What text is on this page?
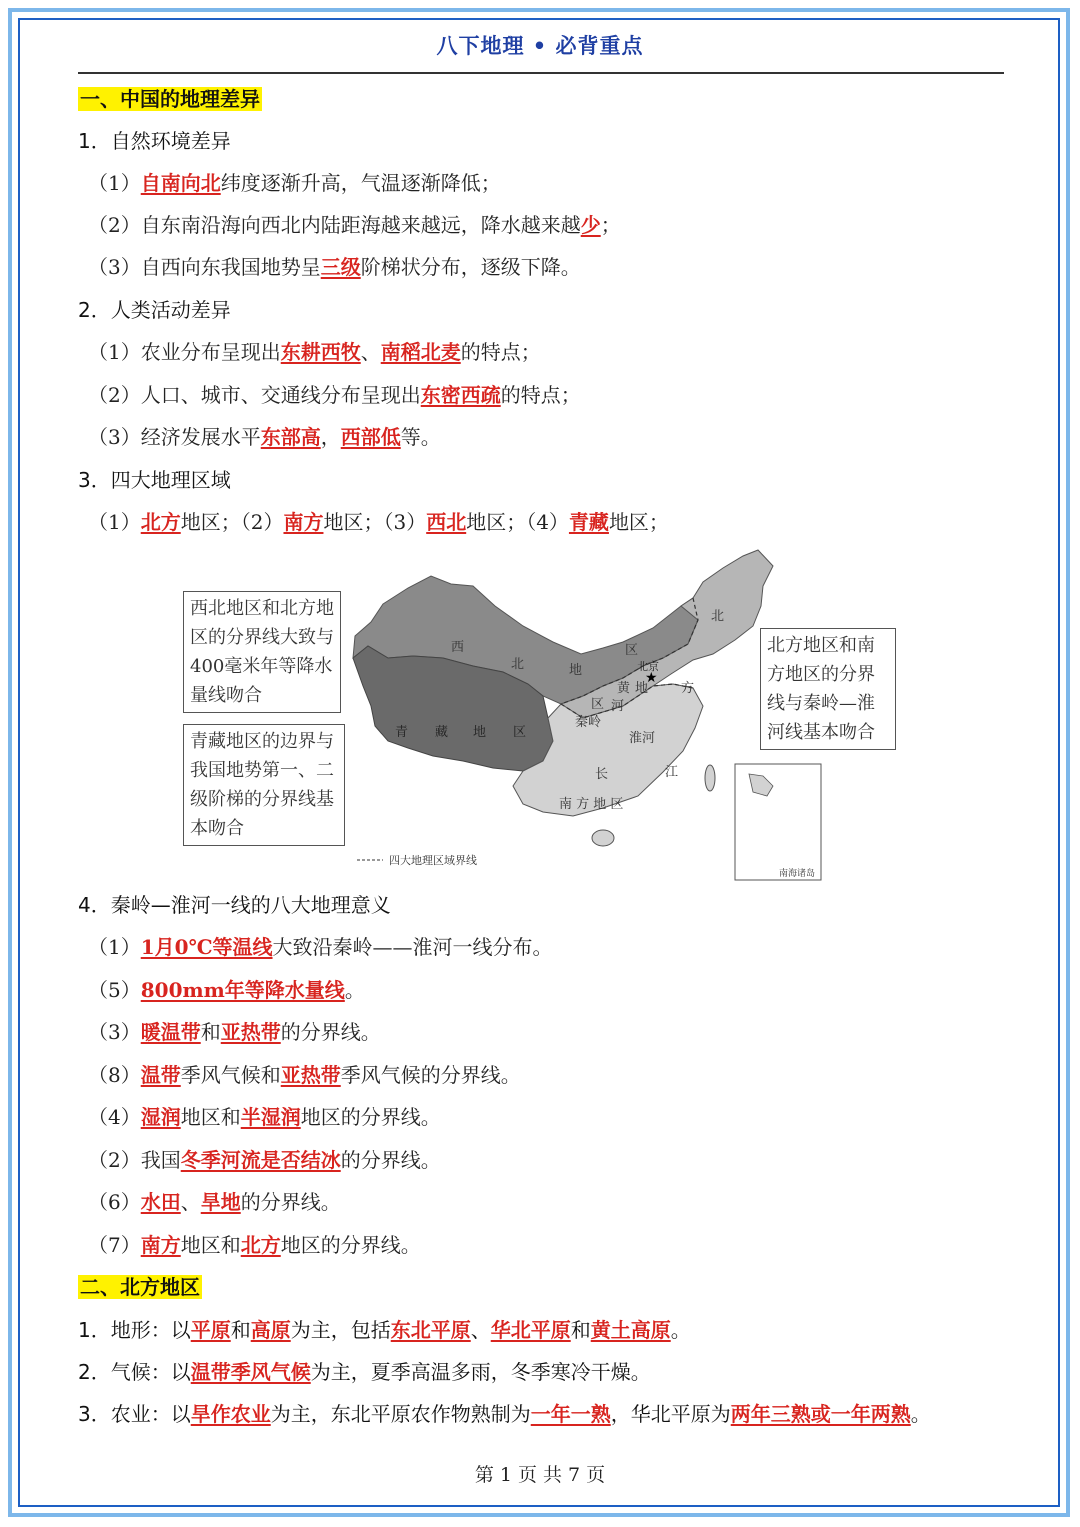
八下地理 • 必背重点
一、中国的地理差异
1．自然环境差异
（1）自南向北纬度逐渐升高，气温逐渐降低；
（2）自东南沿海向西北内陆距海越来越远，降水越来越少；
（3）自西向东我国地势呈三级阶梯状分布，逐级下降。
2．人类活动差异
（1）农业分布呈现出东耕西牧、南稻北麦的特点；
（2）人口、城市、交通线分布呈现出东密西疏的特点；
（3）经济发展水平东部高，西部低等。
3．四大地理区域
（1）北方地区；（2）南方地区；（3）西北地区；（4）青藏地区；
4．秦岭—淮河一线的八大地理意义
（1）1月0℃等温线大致沿秦岭——淮河一线分布。
（5）800mm年等降水量线。
（3）暖温带和亚热带的分界线。
（8）温带季风气候和亚热带季风气候的分界线。
（4）湿润地区和半湿润地区的分界线。
（2）我国冬季河流是否结冰的分界线。
（6）水田、旱地的分界线。
（7）南方地区和北方地区的分界线。
二、北方地区
1．地形：以平原和高原为主，包括东北平原、华北平原和黄土高原。
2．气候：以温带季风气候为主，夏季高温多雨，冬季寒冷干燥。
3．农业：以旱作农业为主，东北平原农作物熟制为一年一熟，华北平原为两年三熟或一年两熟。
★
西
北	地
区
青 藏 地 区
北
方
区
北京
黄 地
河
秦岭
淮河
长	江
南 方 地 区
四大地理区域界线
南海诸岛
西北地区和北方地区的分界线大致与400毫米年等降水量线吻合
青藏地区的边界与我国地势第一、二级阶梯的分界线基本吻合
北方地区和南方地区的分界线与秦岭—淮河线基本吻合
第 1 页 共 7 页
